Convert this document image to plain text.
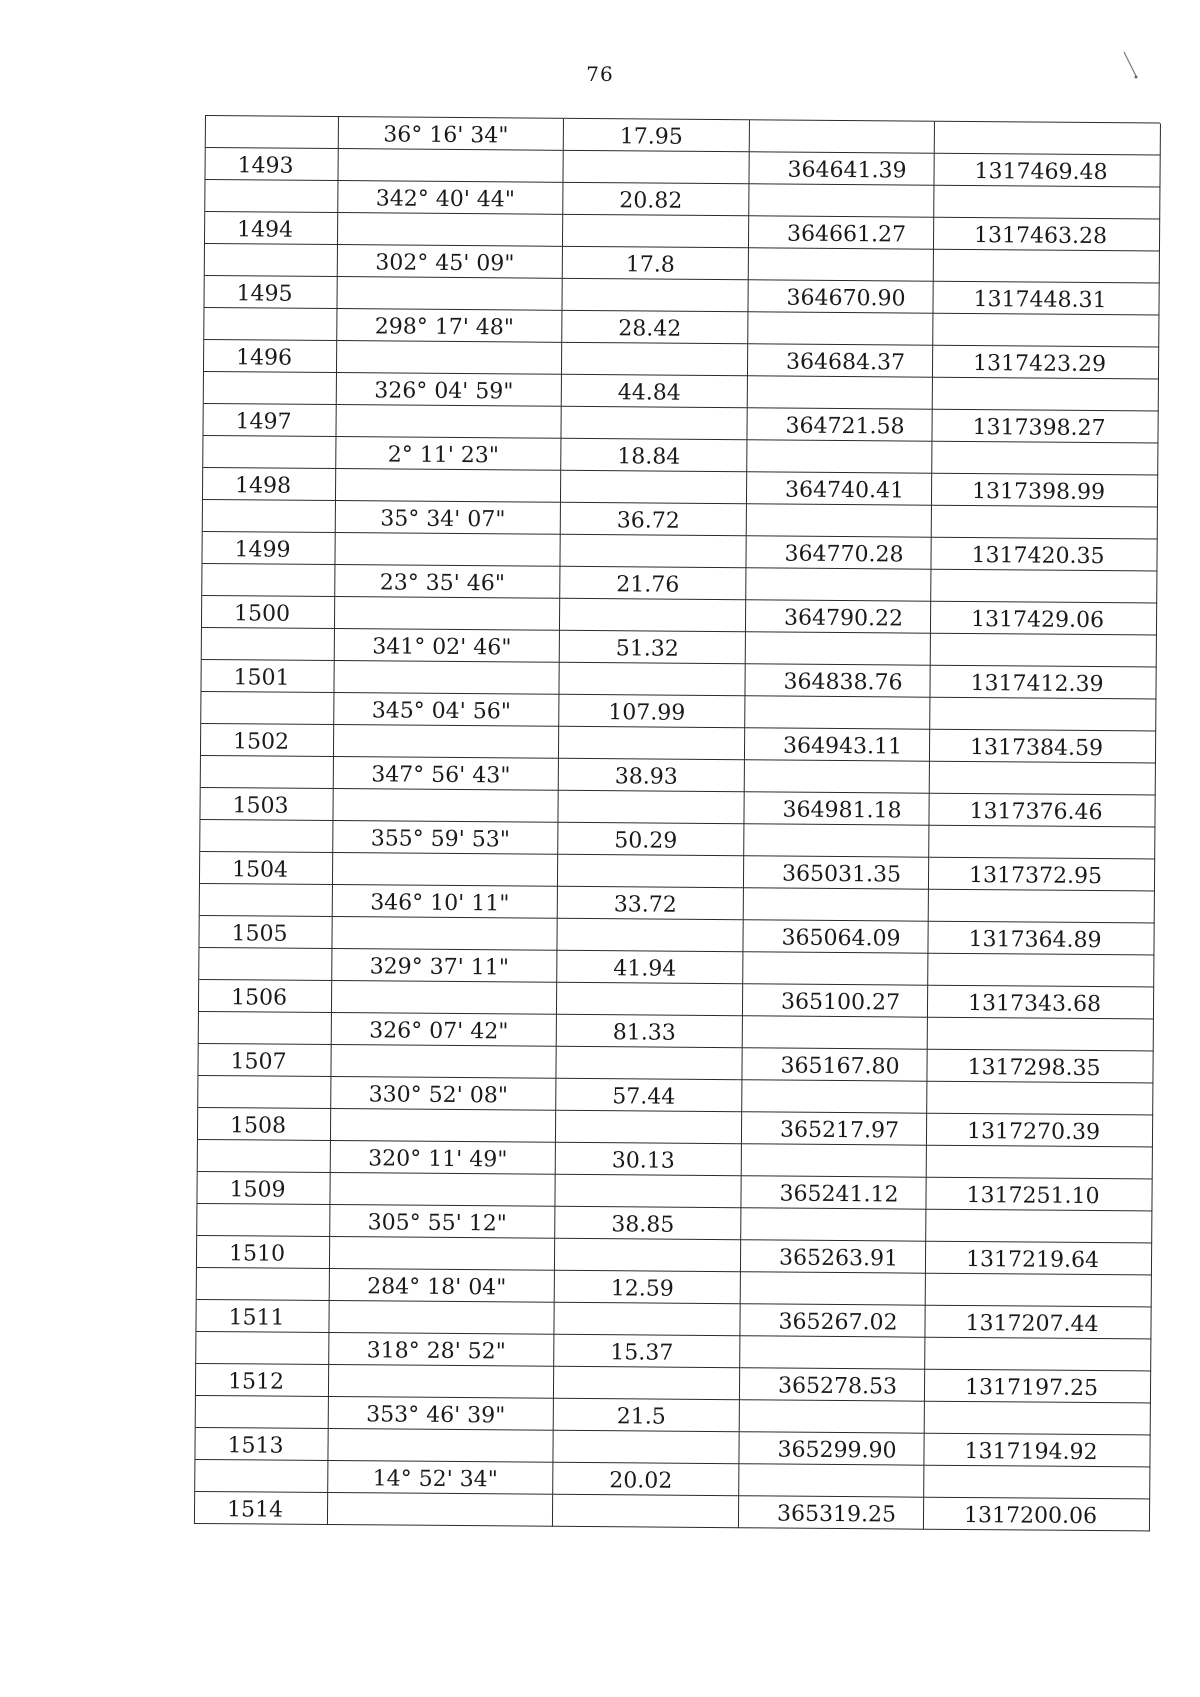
76
36° 16' 34"	17.95
1493	364641.39	1317469.48
342° 40' 44"	20.82
1494	364661.27	1317463.28
302° 45' 09"	17.8
1495	364670.90	1317448.31
298° 17' 48"	28.42
1496	364684.37	1317423.29
326° 04' 59"	44.84
1497	364721.58	1317398.27
2° 11' 23"	18.84
1498	364740.41	1317398.99
35° 34' 07"	36.72
1499	364770.28	1317420.35
23° 35' 46"	21.76
1500	364790.22	1317429.06
341° 02' 46"	51.32
1501	364838.76	1317412.39
345° 04' 56"	107.99
1502	364943.11	1317384.59
347° 56' 43"	38.93
1503	364981.18	1317376.46
355° 59' 53"	50.29
1504	365031.35	1317372.95
346° 10' 11"	33.72
1505	365064.09	1317364.89
329° 37' 11"	41.94
1506	365100.27	1317343.68
326° 07' 42"	81.33
1507	365167.80	1317298.35
330° 52' 08"	57.44
1508	365217.97	1317270.39
320° 11' 49"	30.13
1509	365241.12	1317251.10
305° 55' 12"	38.85
1510	365263.91	1317219.64
284° 18' 04"	12.59
1511	365267.02	1317207.44
318° 28' 52"	15.37
1512	365278.53	1317197.25
353° 46' 39"	21.5
1513	365299.90	1317194.92
14° 52' 34"	20.02
1514	365319.25	1317200.06
